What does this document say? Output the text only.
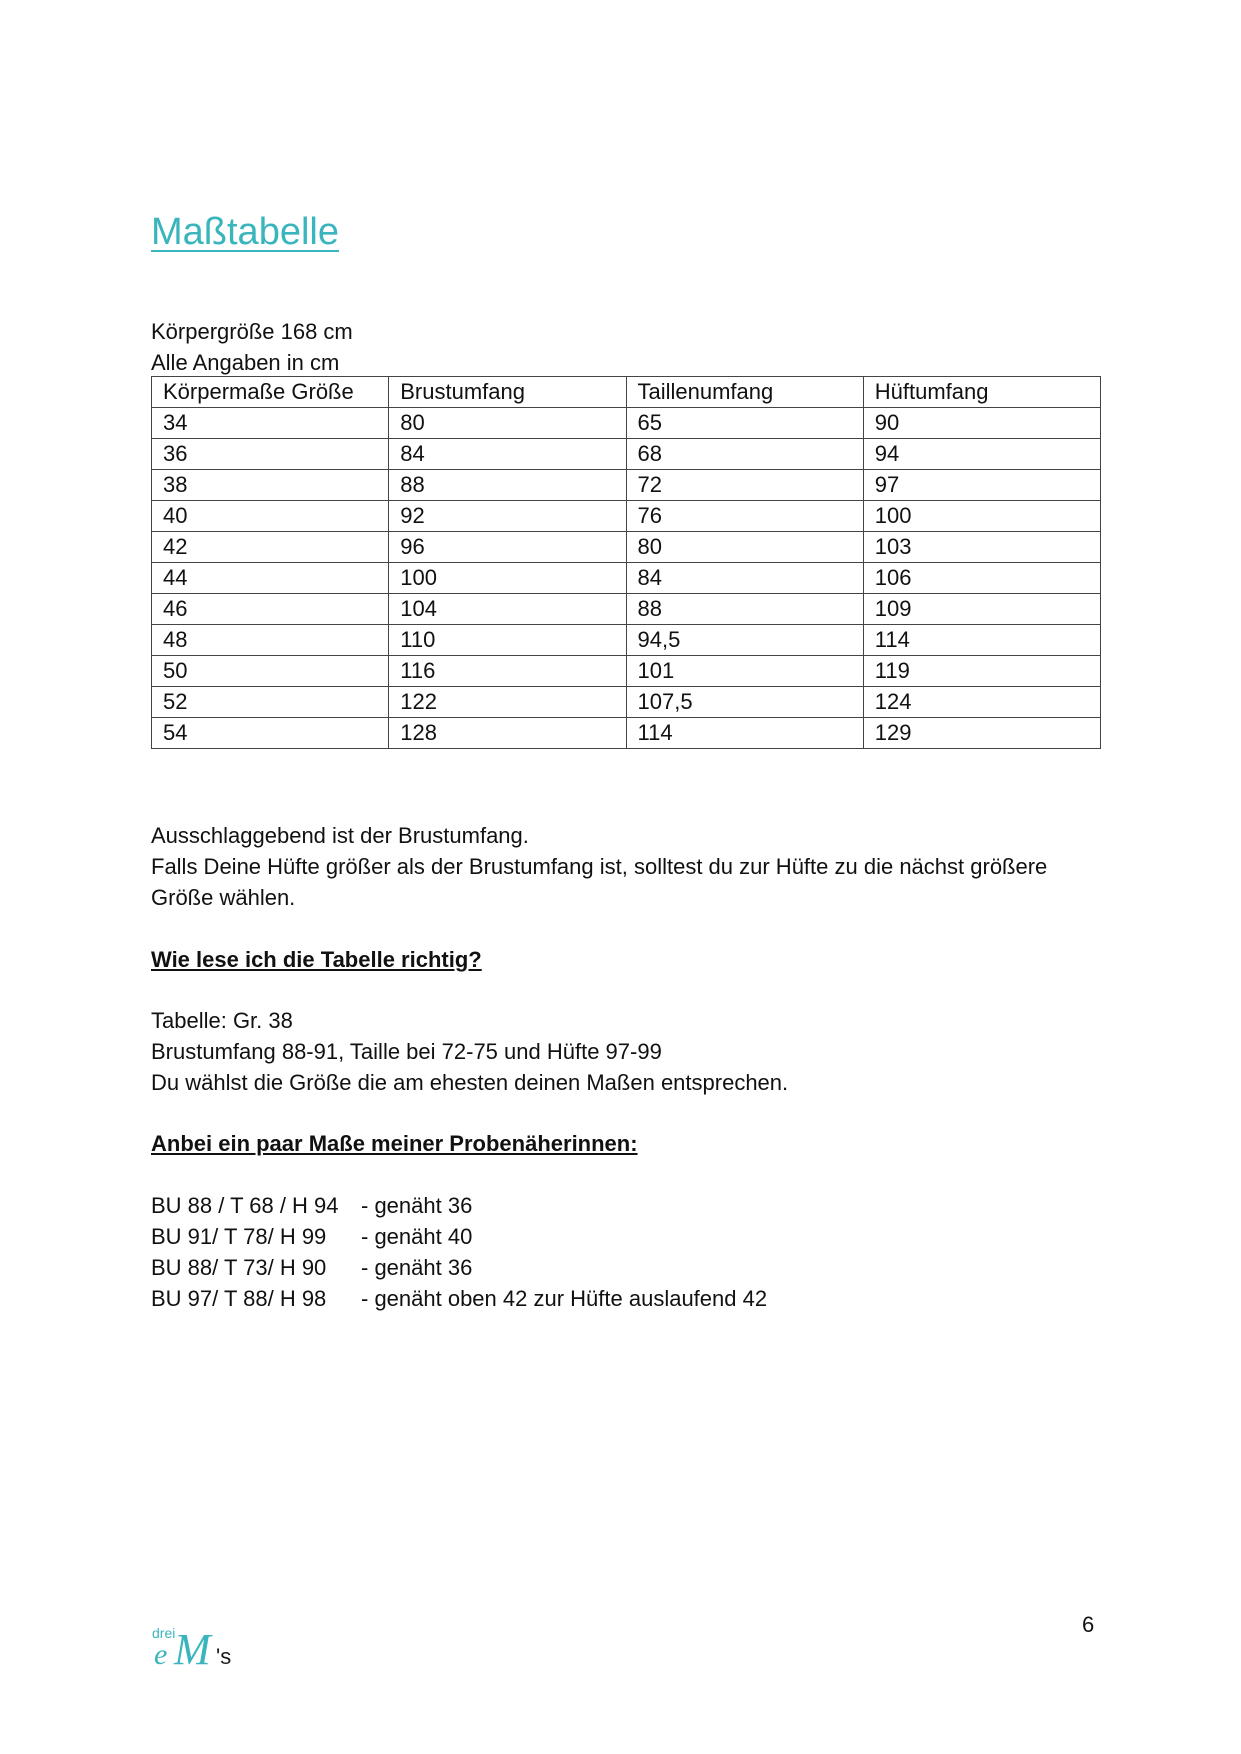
Maßtabelle
Körpergröße 168 cm
Alle Angaben in cm
Körpermaße Größe	Brustumfang	Taillenumfang	Hüftumfang
34	80	65	90
36	84	68	94
38	88	72	97
40	92	76	100
42	96	80	103
44	100	84	106
46	104	88	109
48	110	94,5	114
50	116	101	119
52	122	107,5	124
54	128	114	129

Ausschlaggebend ist der Brustumfang.

Falls Deine Hüfte größer als der Brustumfang ist, solltest du zur Hüfte zu die nächst größere Größe wählen.

Wie lese ich die Tabelle richtig?
Tabelle: Gr. 38
Brustumfang 88-91, Taille bei 72-75 und Hüfte 97-99
Du wählst die Größe die am ehesten deinen Maßen entsprechen.
Anbei ein paar Maße meiner Probenäherinnen:
BU 88 / T 68 / H 94	- genäht 36
BU 91/ T 78/ H 99	- genäht 40
BU 88/ T 73/ H 90	- genäht 36
BU 97/ T 88/ H 98	- genäht oben 42 zur Hüfte auslaufend 42
drei
e M 's
6
